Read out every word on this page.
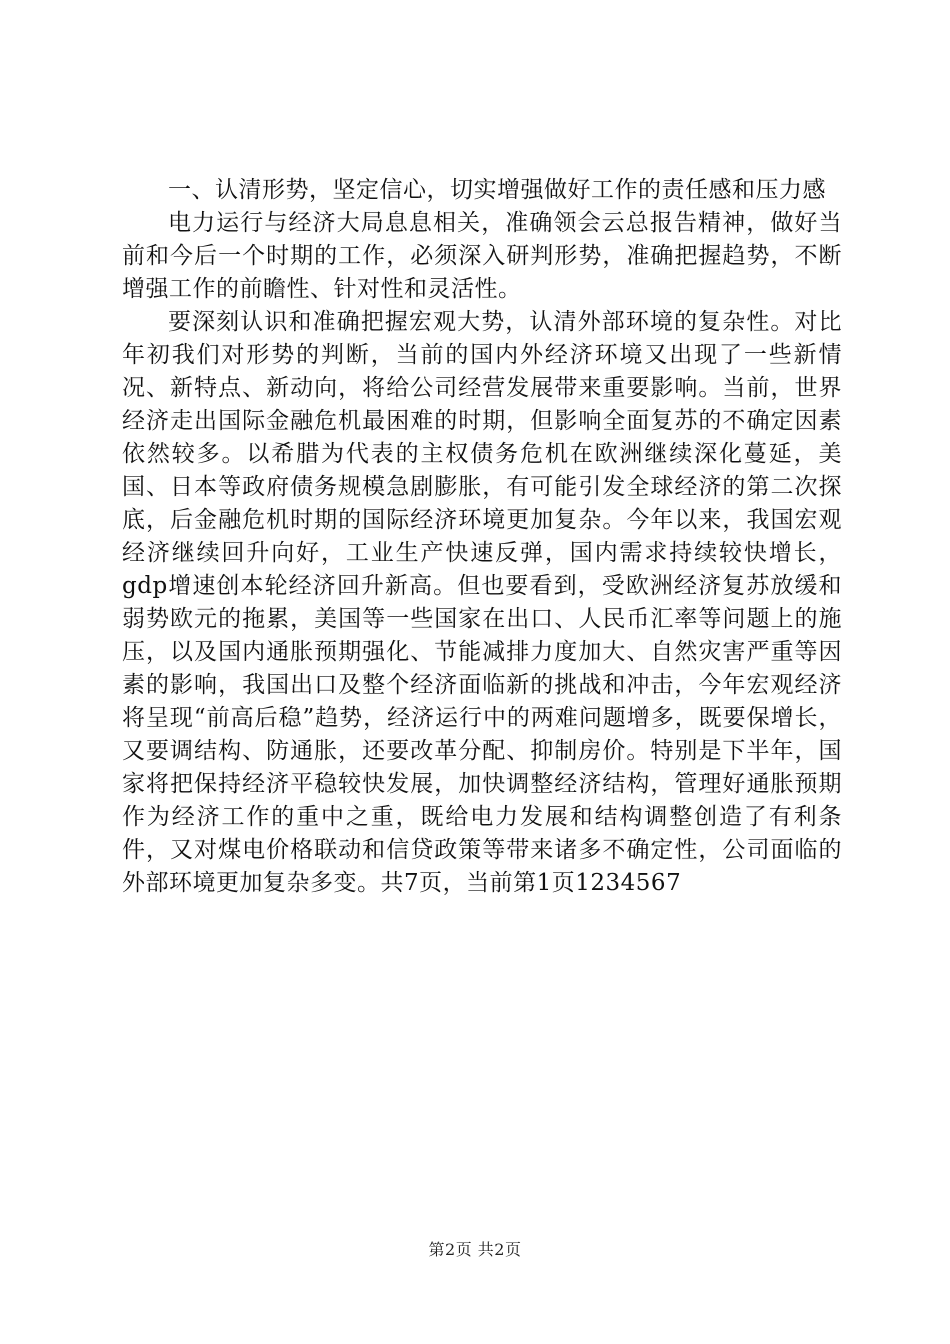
一、认清形势，坚定信心，切实增强做好工作的责任感和压力感

电力运行与经济大局息息相关，准确领会云总报告精神，做好当前和今后一个时期的工作，必须深入研判形势，准确把握趋势，不断增强工作的前瞻性、针对性和灵活性。

要深刻认识和准确把握宏观大势，认清外部环境的复杂性。对比年初我们对形势的判断，当前的国内外经济环境又出现了一些新情况、新特点、新动向，将给公司经营发展带来重要影响。当前，世界经济走出国际金融危机最困难的时期，但影响全面复苏的不确定因素依然较多。以希腊为代表的主权债务危机在欧洲继续深化蔓延，美国、日本等政府债务规模急剧膨胀，有可能引发全球经济的第二次探底，后金融危机时期的国际经济环境更加复杂。今年以来，我国宏观经济继续回升向好，工业生产快速反弹，国内需求持续较快增长，gdp增速创本轮经济回升新高。但也要看到，受欧洲经济复苏放缓和弱势欧元的拖累，美国等一些国家在出口、人民币汇率等问题上的施压，以及国内通胀预期强化、节能减排力度加大、自然灾害严重等因素的影响，我国出口及整个经济面临新的挑战和冲击，今年宏观经济将呈现“前高后稳”趋势，经济运行中的两难问题增多，既要保增长，又要调结构、防通胀，还要改革分配、抑制房价。特别是下半年，国家将把保持经济平稳较快发展，加快调整经济结构，管理好通胀预期作为经济工作的重中之重，既给电力发展和结构调整创造了有利条件，又对煤电价格联动和信贷政策等带来诸多不确定性，公司面临的外部环境更加复杂多变。共7页，当前第1页1234567

第2页 共2页
